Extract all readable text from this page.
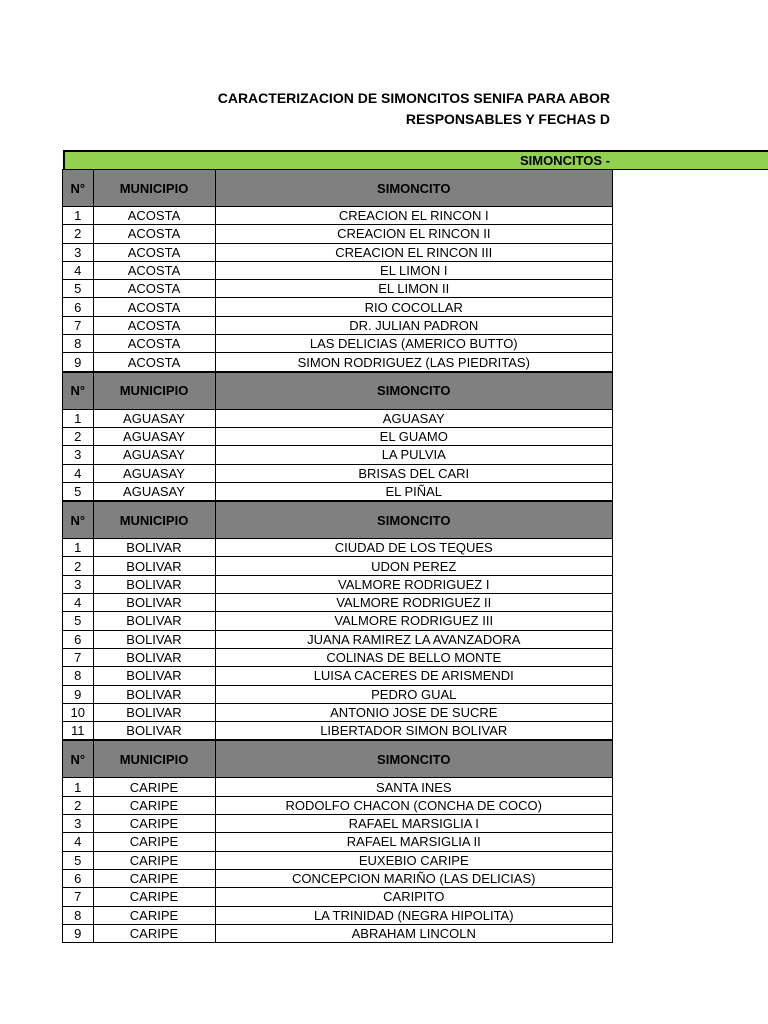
CARACTERIZACION DE SIMONCITOS SENIFA PARA ABOR
RESPONSABLES Y FECHAS D
SIMONCITOS -
N°	MUNICIPIO	SIMONCITO
1	ACOSTA	CREACION EL RINCON I
2	ACOSTA	CREACION EL RINCON II
3	ACOSTA	CREACION EL RINCON III
4	ACOSTA	EL LIMON I
5	ACOSTA	EL LIMON II
6	ACOSTA	RIO COCOLLAR
7	ACOSTA	DR. JULIAN PADRON
8	ACOSTA	LAS DELICIAS (AMERICO BUTTO)
9	ACOSTA	SIMON RODRIGUEZ (LAS PIEDRITAS)
N°	MUNICIPIO	SIMONCITO
1	AGUASAY	AGUASAY
2	AGUASAY	EL GUAMO
3	AGUASAY	LA PULVIA
4	AGUASAY	BRISAS DEL CARI
5	AGUASAY	EL PIÑAL
N°	MUNICIPIO	SIMONCITO
1	BOLIVAR	CIUDAD DE LOS TEQUES
2	BOLIVAR	UDON PEREZ
3	BOLIVAR	VALMORE RODRIGUEZ I
4	BOLIVAR	VALMORE RODRIGUEZ II
5	BOLIVAR	VALMORE RODRIGUEZ III
6	BOLIVAR	JUANA RAMIREZ LA AVANZADORA
7	BOLIVAR	COLINAS DE BELLO MONTE
8	BOLIVAR	LUISA CACERES DE ARISMENDI
9	BOLIVAR	PEDRO GUAL
10	BOLIVAR	ANTONIO JOSE DE SUCRE
11	BOLIVAR	LIBERTADOR SIMON BOLIVAR
N°	MUNICIPIO	SIMONCITO
1	CARIPE	SANTA INES
2	CARIPE	RODOLFO CHACON (CONCHA DE COCO)
3	CARIPE	RAFAEL MARSIGLIA I
4	CARIPE	RAFAEL MARSIGLIA II
5	CARIPE	EUXEBIO CARIPE
6	CARIPE	CONCEPCION MARIÑO (LAS DELICIAS)
7	CARIPE	CARIPITO
8	CARIPE	LA TRINIDAD (NEGRA HIPOLITA)
9	CARIPE	ABRAHAM LINCOLN
